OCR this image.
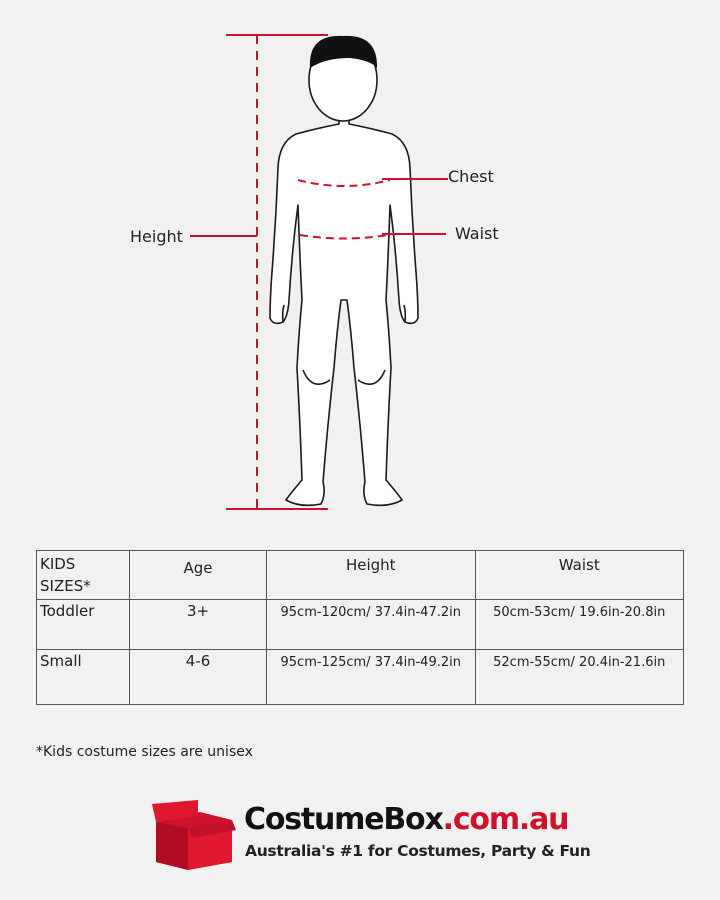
Height
Chest
Waist
KIDS SIZES*	Age	Height	Waist
Toddler	3+	95cm-120cm/ 37.4in-47.2in	50cm-53cm/ 19.6in-20.8in
Small	4-6	95cm-125cm/ 37.4in-49.2in	52cm-55cm/ 20.4in-21.6in
*Kids costume sizes are unisex
CostumeBox.com.au
Australia's #1 for Costumes, Party & Fun
